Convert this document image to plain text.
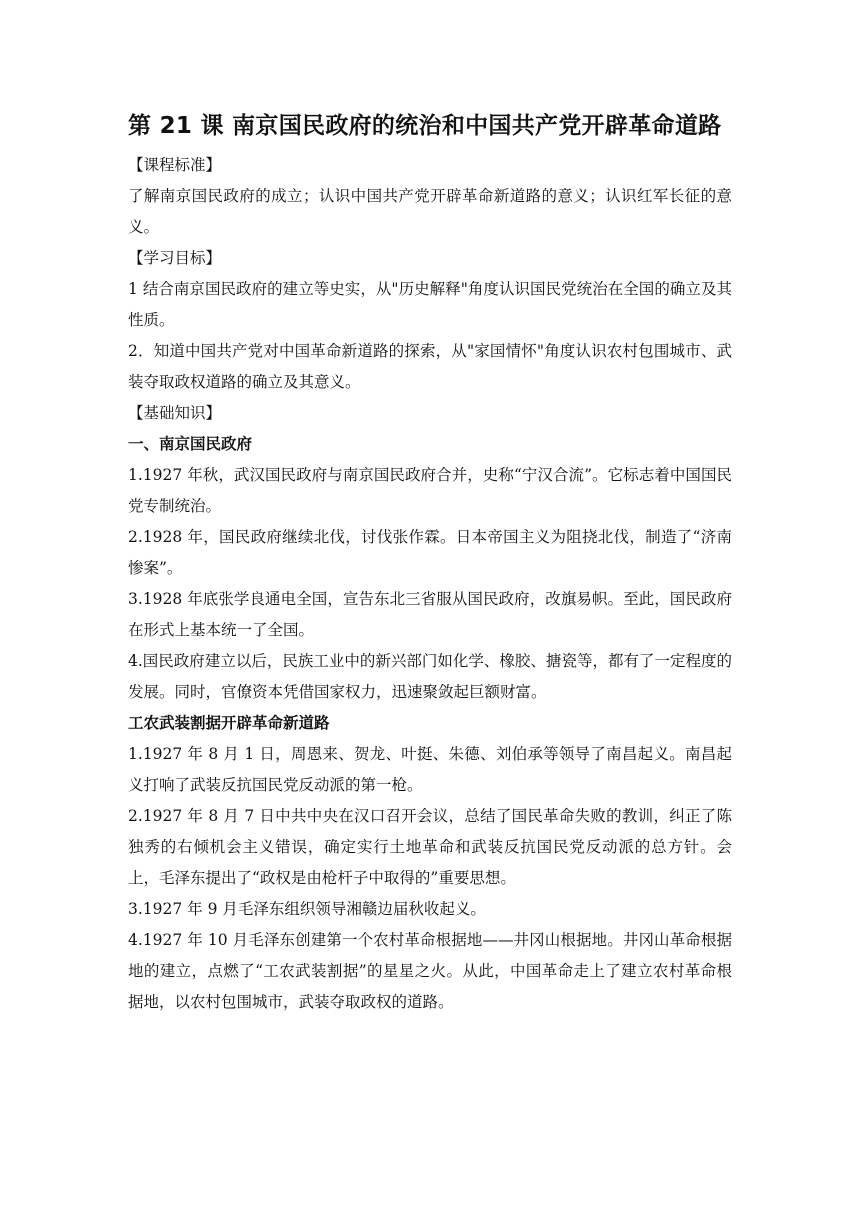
第 21 课 南京国民政府的统治和中国共产党开辟革命道路

【课程标准】

了解南京国民政府的成立；认识中国共产党开辟革命新道路的意义；认识红军长征的意义。

【学习目标】

1 结合南京国民政府的建立等史实，从"历史解释"角度认识国民党统治在全国的确立及其性质。

2．知道中国共产党对中国革命新道路的探索，从"家国情怀"角度认识农村包围城市、武装夺取政权道路的确立及其意义。

【基础知识】

一、南京国民政府

1.1927 年秋，武汉国民政府与南京国民政府合并，史称“宁汉合流”。它标志着中国国民党专制统治。

2.1928 年，国民政府继续北伐，讨伐张作霖。日本帝国主义为阻挠北伐，制造了“济南惨案”。

3.1928 年底张学良通电全国，宣告东北三省服从国民政府，改旗易帜。至此，国民政府在形式上基本统一了全国。

4.国民政府建立以后，民族工业中的新兴部门如化学、橡胶、搪瓷等，都有了一定程度的发展。同时，官僚资本凭借国家权力，迅速聚敛起巨额财富。

工农武装割据开辟革命新道路

1.1927 年 8 月 1 日，周恩来、贺龙、叶挺、朱德、刘伯承等领导了南昌起义。南昌起义打响了武装反抗国民党反动派的第一枪。

2.1927 年 8 月 7 日中共中央在汉口召开会议，总结了国民革命失败的教训，纠正了陈独秀的右倾机会主义错误，确定实行土地革命和武装反抗国民党反动派的总方针。会上，毛泽东提出了“政权是由枪杆子中取得的”重要思想。

3.1927 年 9 月毛泽东组织领导湘赣边届秋收起义。

4.1927 年 10 月毛泽东创建第一个农村革命根据地——井冈山根据地。井冈山革命根据地的建立，点燃了“工农武装割据”的星星之火。从此，中国革命走上了建立农村革命根据地，以农村包围城市，武装夺取政权的道路。
